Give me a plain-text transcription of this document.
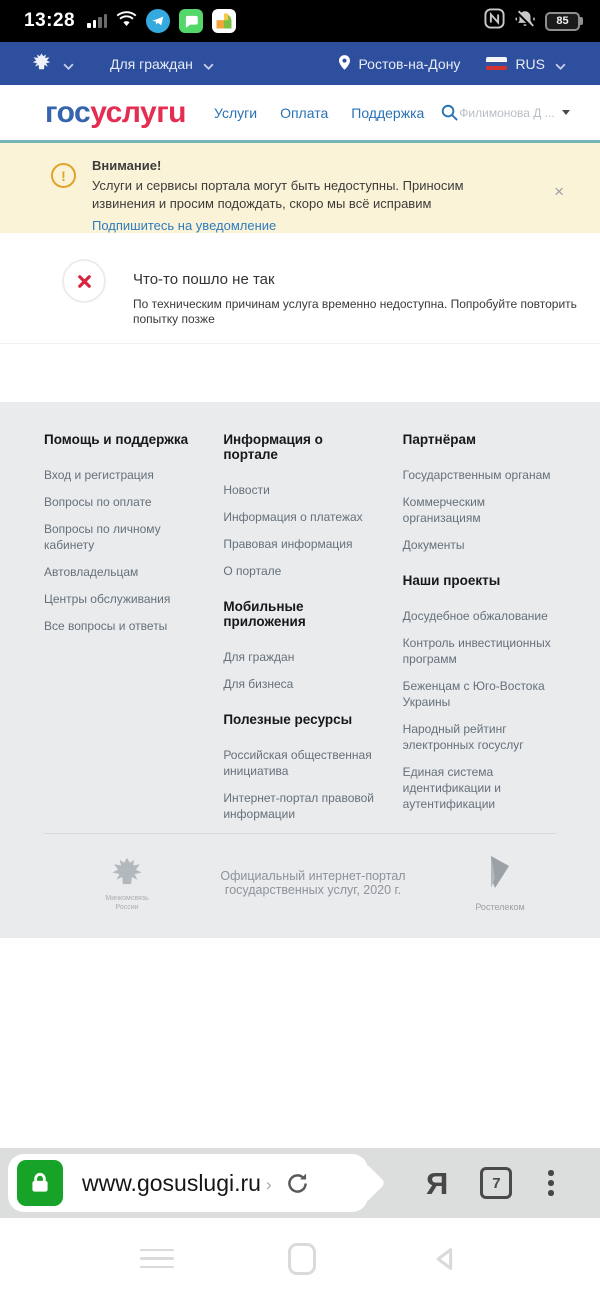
13:28	85
Для граждан	Ростов-на-Дону	RUS
госуслугu Услуги Оплата Поддержка	Филимонова Д ...
!
Внимание!
Услуги и сервисы портала могут быть недоступны. Приносим извинения и просим подождать, скоро мы всё исправим
Подпишитесь на уведомление
×
Что-то пошло не так
По техническим причинам услуга временно недоступна. Попробуйте повторить попытку позже
Помощь и поддержка
Вход и регистрация
Вопросы по оплате
Вопросы по личному кабинету
Автовладельцам
Центры обслуживания
Все вопросы и ответы
Информация о портале
Новости
Информация о платежах
Правовая информация
О портале
Мобильные приложения
Для граждан
Для бизнеса
Полезные ресурсы
Российская общественная инициатива
Интернет-портал правовой информации
Партнёрам
Государственным органам
Коммерческим организациям
Документы
Наши проекты
Досудебное обжалование
Контроль инвестиционных программ
Беженцам с Юго-Востока Украины
Народный рейтинг электронных госуслуг
Единая система идентификации и аутентификации
Минкомсвязь
России
Официальный интернет-портал государственных услуг, 2020 г.
Ростелеком
www.gosuslugi.ru ›	Я	7
